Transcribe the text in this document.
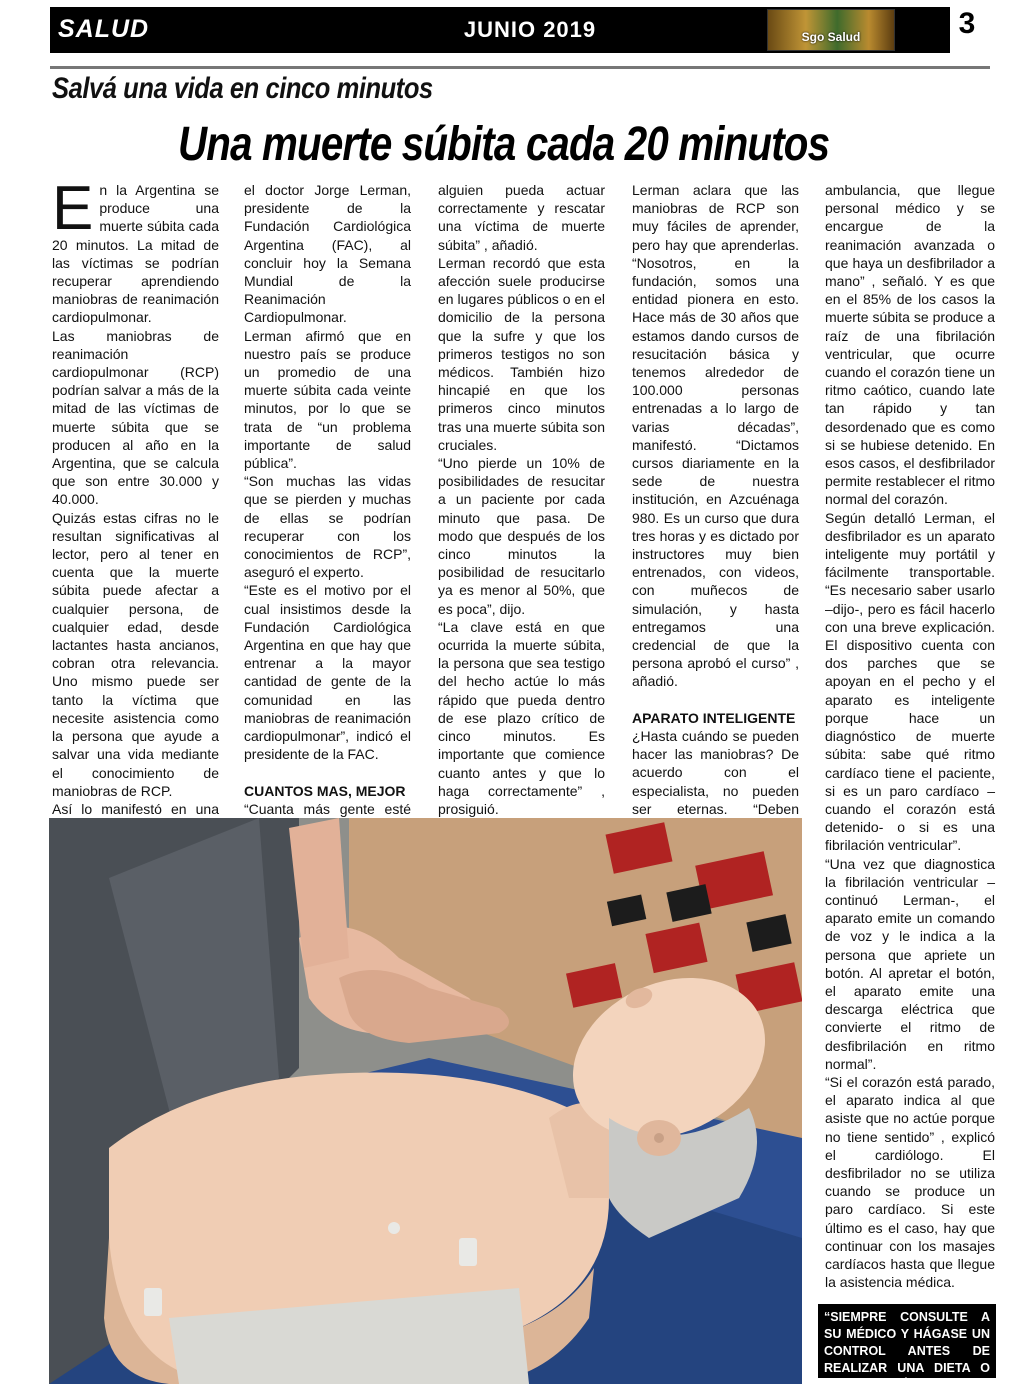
SALUD	JUNIO 2019	Sgo Salud	3
Salvá una vida en cinco minutos
Una muerte súbita cada 20 minutos
E n la Argentina se produce una muerte súbita cada 20 minutos. La mitad de las víctimas se podrían recuperar aprendiendo maniobras de reanimación cardiopulmonar.

Las maniobras de reanimación cardiopulmonar (RCP) podrían salvar a más de la mitad de las víctimas de muerte súbita que se producen al año en la Argentina, que se calcula que son entre 30.000 y 40.000.

Quizás estas cifras no le resultan significativas al lector, pero al tener en cuenta que la muerte súbita puede afectar a cualquier persona, de cualquier edad, desde lactantes hasta ancianos, cobran otra relevancia. Uno mismo puede ser tanto la víctima que necesite asistencia como la persona que ayude a salvar una vida mediante el conocimiento de maniobras de RCP.

Así lo manifestó en una

el doctor Jorge Lerman, presidente de la Fundación Cardiológica Argentina (FAC), al concluir hoy la Semana Mundial de la Reanimación Cardiopulmonar.

Lerman afirmó que en nuestro país se produce un promedio de una muerte súbita cada veinte minutos, por lo que se trata de “un problema importante de salud pública”.

“Son muchas las vidas que se pierden y muchas de ellas se podrían recuperar con los conocimientos de RCP”, aseguró el experto.

“Este es el motivo por el cual insistimos desde la Fundación Cardiológica Argentina en que hay que entrenar a la mayor cantidad de gente de la comunidad en las maniobras de reanimación cardiopulmonar”, indicó el presidente de la FAC.

CUANTOS MAS, MEJOR

“Cuanta más gente esté

alguien pueda actuar correctamente y rescatar una víctima de muerte súbita” , añadió.

Lerman recordó que esta afección suele producirse en lugares públicos o en el domicilio de la persona que la sufre y que los primeros testigos no son médicos. También hizo hincapié en que los primeros cinco minutos tras una muerte súbita son cruciales.

“Uno pierde un 10% de posibilidades de resucitar a un paciente por cada minuto que pasa. De modo que después de los cinco minutos la posibilidad de resucitarlo ya es menor al 50%, que es poca”, dijo.

“La clave está en que ocurrida la muerte súbita, la persona que sea testigo del hecho actúe lo más rápido que pueda dentro de ese plazo crítico de cinco minutos. Es importante que comience cuanto antes y que lo haga correctamente” , prosiguió.

Lerman aclara que las maniobras de RCP son muy fáciles de aprender, pero hay que aprenderlas. “Nosotros, en la fundación, somos una entidad pionera en esto. Hace más de 30 años que estamos dando cursos de resucitación básica y tenemos alrededor de 100.000 personas entrenadas a lo largo de varias décadas”, manifestó. “Dictamos cursos diariamente en la sede de nuestra institución, en Azcuénaga 980. Es un curso que dura tres horas y es dictado por instructores muy bien entrenados, con videos, con muñecos de simulación, y hasta entregamos una credencial de que la persona aprobó el curso” , añadió.

APARATO INTELIGENTE

¿Hasta cuándo se pueden hacer las maniobras? De acuerdo con el especialista, no pueden ser eternas. “Deben

ambulancia, que llegue personal médico y se encargue de la reanimación avanzada o que haya un desfibrilador a mano” , señaló. Y es que en el 85% de los casos la muerte súbita se produce a raíz de una fibrilación ventricular, que ocurre cuando el corazón tiene un ritmo caótico, cuando late tan rápido y tan desordenado que es como si se hubiese detenido. En esos casos, el desfibrilador permite restablecer el ritmo normal del corazón.

Según detalló Lerman, el desfibrilador es un aparato inteligente muy portátil y fácilmente transportable. “Es necesario saber usarlo –dijo-, pero es fácil hacerlo con una breve explicación. El dispositivo cuenta con dos parches que se apoyan en el pecho y el aparato es inteligente porque hace un diagnóstico de muerte súbita: sabe qué ritmo cardíaco tiene el paciente, si es un paro cardíaco –cuando el corazón está detenido- o si es una fibrilación ventricular”.

“Una vez que diagnostica la fibrilación ventricular –continuó Lerman-, el aparato emite un comando de voz y le indica a la persona que apriete un botón. Al apretar el botón, el aparato emite una descarga eléctrica que convierte el ritmo de desfibrilación en ritmo normal”.

“Si el corazón está parado, el aparato indica al que asiste que no actúe porque no tiene sentido” , explicó el cardiólogo. El desfibrilador no se utiliza cuando se produce un paro cardíaco. Si este último es el caso, hay que continuar con los masajes cardíacos hasta que llegue la asistencia médica.

“SIEMPRE CONSULTE A SU MÉDICO Y HÁGASE UN CONTROL ANTES DE REALIZAR UNA DIETA O ACTIVIDAD FÍSICA”
